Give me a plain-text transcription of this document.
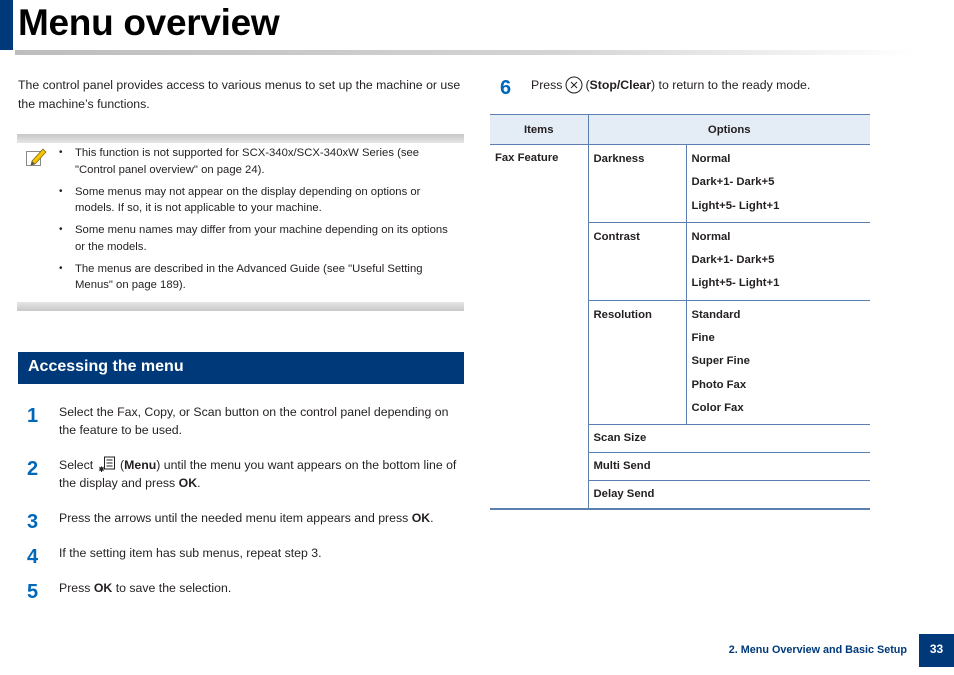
Menu overview

The control panel provides access to various menus to set up the machine or use the machine’s functions.

• This function is not supported for SCX-340x/SCX-340xW Series (see "Control panel overview" on page 24).
• Some menus may not appear on the display depending on options or models. If so, it is not applicable to your machine.
• Some menu names may differ from your machine depending on its options or the models.
• The menus are described in the Advanced Guide (see "Useful Setting Menus" on page 189).
Accessing the menu
1 Select the Fax, Copy, or Scan button on the control panel depending on the feature to be used.

2 Select  (Menu) until the menu you want appears on the bottom line of the display and press OK.

3 Press the arrows until the needed menu item appears and press OK.

4 If the setting item has sub menus, repeat step 3.

5 Press OK to save the selection.

6 Press (Stop/Clear) to return to the ready mode.

Items	Options	
Fax Feature	Darkness	Normal
Dark+1- Dark+5
Light+5- Light+1

	Contrast	Normal
Dark+1- Dark+5
Light+5- Light+1

	Resolution	Standard
Fine
Super Fine
Photo Fax
Color Fax

	Scan Size	
	Multi Send	
	Delay Send	
2. Menu Overview and Basic Setup	33
